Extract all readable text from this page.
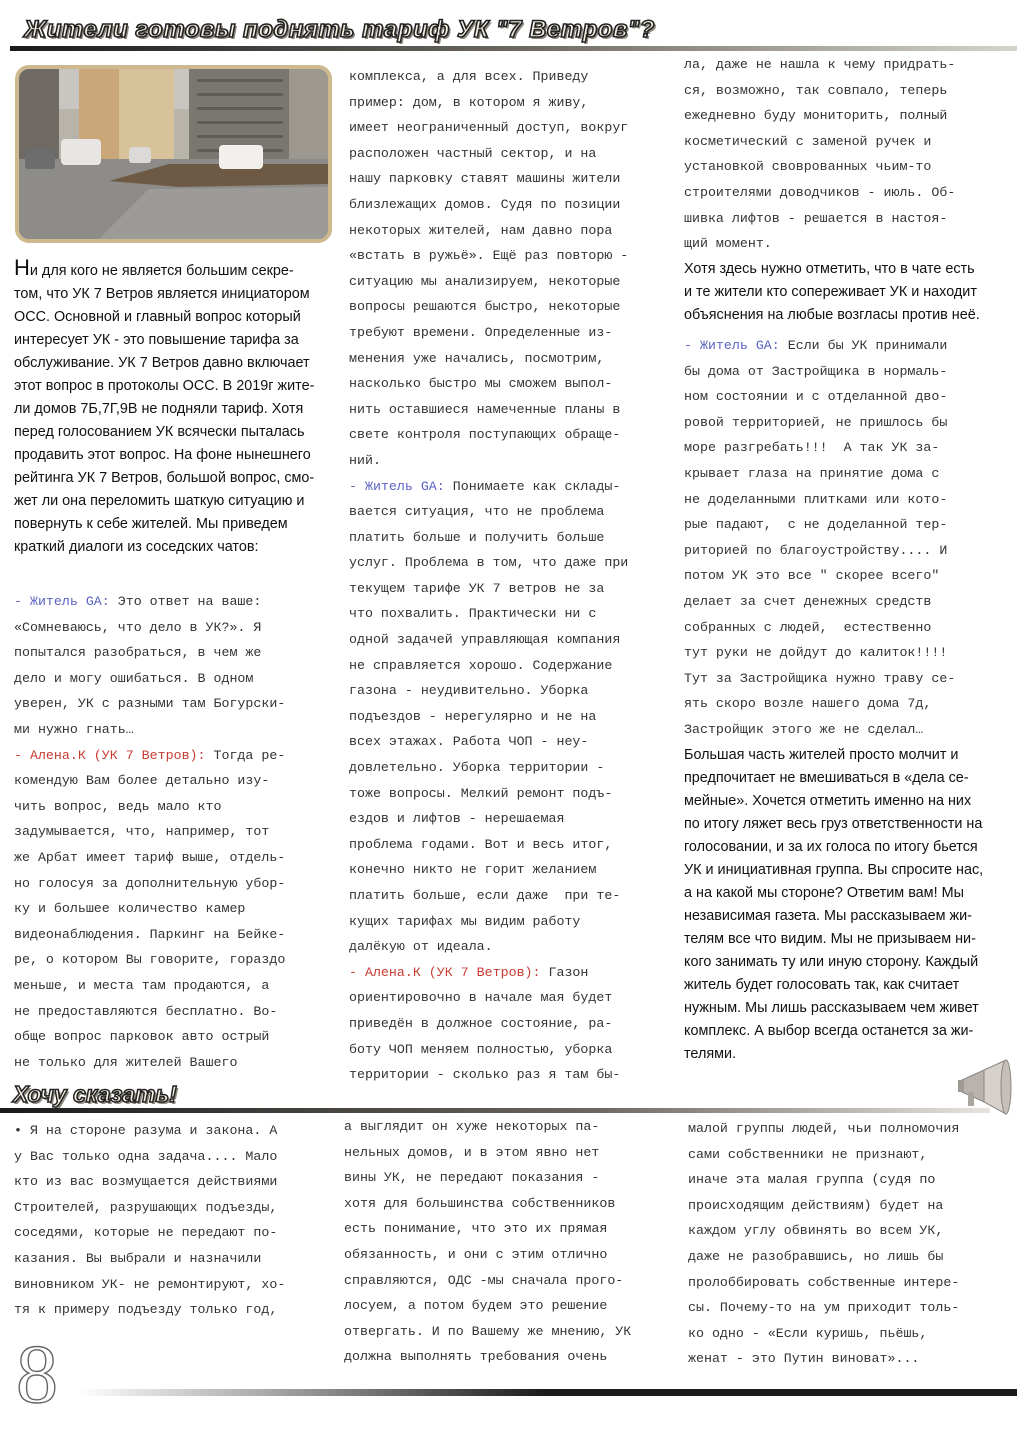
Жители готовы поднять тариф УК "7 Ветров"?
Ни для кого не является большим секре-
том, что УК 7 Ветров является инициатором
ОСС. Основной и главный вопрос который
интересует УК - это повышение тарифа за
обслуживание. УК 7 Ветров давно включает
этот вопрос в протоколы ОСС. В 2019г жите-
ли домов 7Б,7Г,9В не подняли тариф. Хотя
перед голосованием УК всячески пыталась
продавить этот вопрос. На фоне нынешнего
рейтинга УК 7 Ветров, большой вопрос, смо-
жет ли она переломить шаткую ситуацию и
повернуть к себе жителей. Мы приведем
краткий диалоги из соседских чатов:
- Житель GA: Это ответ на ваше:
«Сомневаюсь, что дело в УК?». Я
попытался разобраться, в чем же
дело и могу ошибаться. В одном
уверен, УК с разными там Богурски-
ми нужно гнать…
- Алена.К (УК 7 Ветров): Тогда ре-
комендую Вам более детально изу-
чить вопрос, ведь мало кто
задумывается, что, например, тот
же Арбат имеет тариф выше, отдель-
но голосуя за дополнительную убор-
ку и большее количество камер
видеонаблюдения. Паркинг на Бейке-
ре, о котором Вы говорите, гораздо
меньше, и места там продаются, а
не предоставляются бесплатно. Во-
обще вопрос парковок авто острый
не только для жителей Вашего
комплекса, а для всех. Приведу
пример: дом, в котором я живу,
имеет неограниченный доступ, вокруг
расположен частный сектор, и на
нашу парковку ставят машины жители
близлежащих домов. Судя по позиции
некоторых жителей, нам давно пора
«встать в ружьё». Ещё раз повторю -
ситуацию мы анализируем, некоторые
вопросы решаются быстро, некоторые
требуют времени. Определенные из-
менения уже начались, посмотрим,
насколько быстро мы сможем выпол-
нить оставшиеся намеченные планы в
свете контроля поступающих обраще-
ний.
- Житель GA: Понимаете как склады-
вается ситуация, что не проблема
платить больше и получить больше
услуг. Проблема в том, что даже при
текущем тарифе УК 7 ветров не за
что похвалить. Практически ни с
одной задачей управляющая компания
не справляется хорошо. Содержание
газона - неудивительно. Уборка
подъездов - нерегулярно и не на
всех этажах. Работа ЧОП - неу-
довлетельно. Уборка территории -
тоже вопросы. Мелкий ремонт подъ-
ездов и лифтов - нерешаемая
проблема годами. Вот и весь итог,
конечно никто не горит желанием
платить больше, если даже  при те-
кущих тарифах мы видим работу
далёкую от идеала.
- Алена.К (УК 7 Ветров): Газон
ориентировочно в начале мая будет
приведён в должное состояние, ра-
боту ЧОП меняем полностью, уборка
территории - сколько раз я там бы-
ла, даже не нашла к чему придрать-
ся, возможно, так совпало, теперь
ежедневно буду мониторить, полный
косметический с заменой ручек и
установкой своврованных чьим-то
строителями доводчиков - июль. Об-
шивка лифтов - решается в настоя-
щий момент.
Хотя здесь нужно отметить, что в чате есть
и те жители кто сопереживает УК и находит
объяснения на любые возгласы против неё.
- Житель GA: Если бы УК принимали
бы дома от Застройщика в нормаль-
ном состоянии и с отделанной дво-
ровой территорией, не пришлось бы
море разгребать!!!  А так УК за-
крывает глаза на принятие дома с
не доделанными плитками или кото-
рые падают,  с не доделанной тер-
риторией по благоустройству.... И
потом УК это все " скорее всего"
делает за счет денежных средств
собранных с людей,  естественно
тут руки не дойдут до калиток!!!!
Тут за Застройщика нужно траву се-
ять скоро возле нашего дома 7д,
Застройщик этого же не сделал…
Большая часть жителей просто молчит и
предпочитает не вмешиваться в «дела се-
мейные». Хочется отметить именно на них
по итогу ляжет весь груз ответственности на
голосовании, и за их голоса по итогу бьется
УК и инициативная группа. Вы спросите нас,
а на какой мы стороне? Ответим вам! Мы
независимая газета. Мы рассказываем жи-
телям все что видим. Мы не призываем ни-
кого занимать ту или иную сторону. Каждый
житель будет голосовать так, как считает
нужным. Мы лишь рассказываем чем живет
комплекс. А выбор всегда останется за жи-
телями.
Хочу сказать!
• Я на стороне разума и закона. А
у Вас только одна задача.... Мало
кто из вас возмущается действиями
Строителей, разрушающих подъезды,
соседями, которые не передают по-
казания. Вы выбрали и назначили
виновником УК- не ремонтируют, хо-
тя к примеру подъезду только год,
а выглядит он хуже некоторых па-
нельных домов, и в этом явно нет
вины УК, не передают показания -
хотя для большинства собственников
есть понимание, что это их прямая
обязанность, и они с этим отлично
справляются, ОДС -мы сначала прого-
лосуем, а потом будем это решение
отвергать. И по Вашему же мнению, УК
должна выполнять требования очень
малой группы людей, чьи полномочия
сами собственники не признают,
иначе эта малая группа (судя по
происходящим действиям) будет на
каждом углу обвинять во всем УК,
даже не разобравшись, но лишь бы
пролоббировать собственные интере-
сы. Почему-то на ум приходит толь-
ко одно - «Если куришь, пьёшь,
женат - это Путин виноват»...
8
